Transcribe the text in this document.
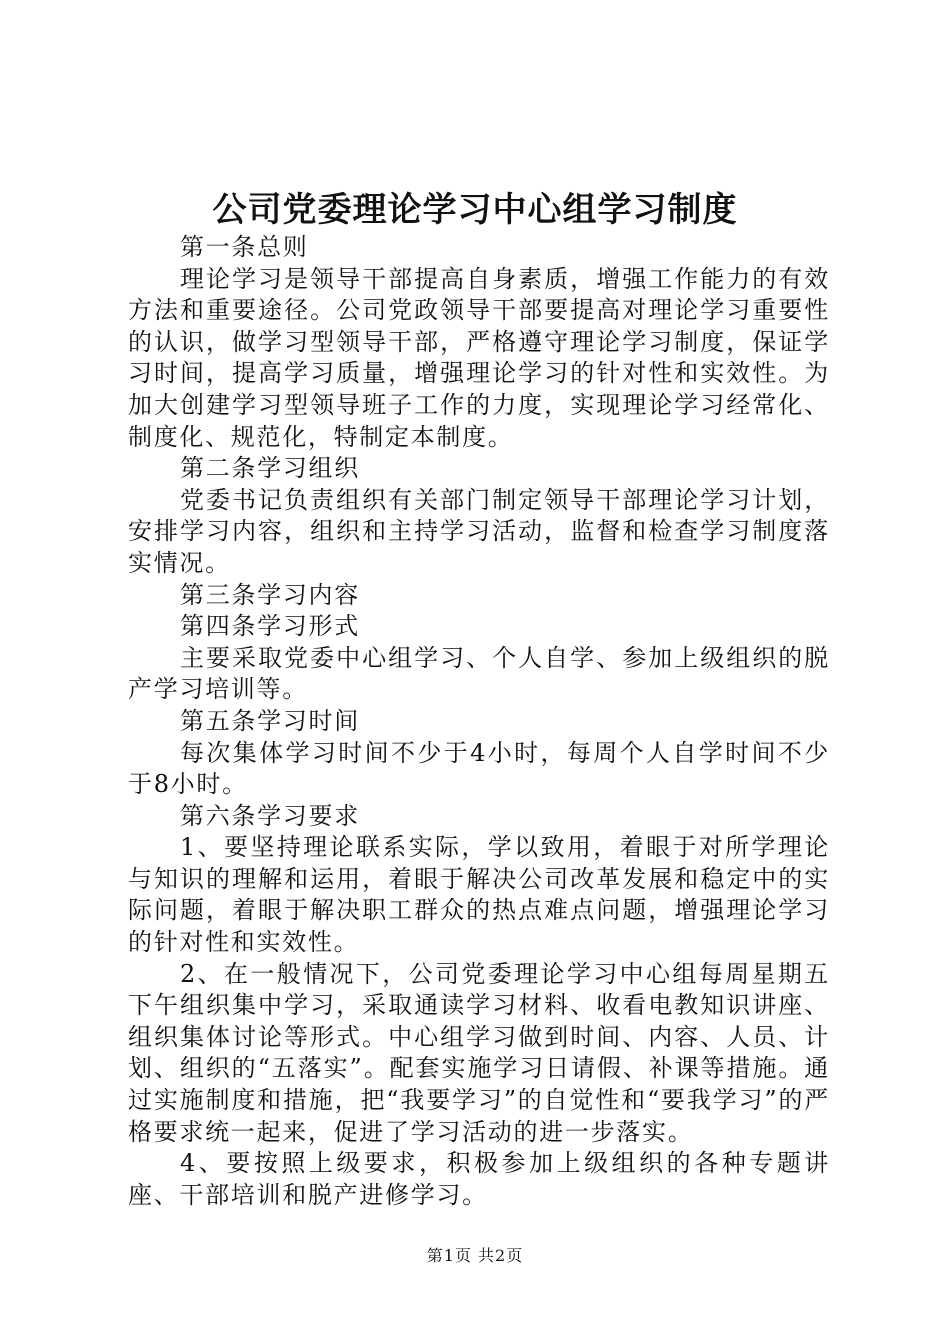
公司党委理论学习中心组学习制度

第一条总则

理论学习是领导干部提高自身素质，增强工作能力的有效方法和重要途径。公司党政领导干部要提高对理论学习重要性的认识，做学习型领导干部，严格遵守理论学习制度，保证学习时间，提高学习质量，增强理论学习的针对性和实效性。为加大创建学习型领导班子工作的力度，实现理论学习经常化、制度化、规范化，特制定本制度。

第二条学习组织

党委书记负责组织有关部门制定领导干部理论学习计划，安排学习内容，组织和主持学习活动，监督和检查学习制度落实情况。

第三条学习内容

第四条学习形式

主要采取党委中心组学习、个人自学、参加上级组织的脱产学习培训等。

第五条学习时间

每次集体学习时间不少于4小时，每周个人自学时间不少于8小时。

第六条学习要求

1、要坚持理论联系实际，学以致用，着眼于对所学理论与知识的理解和运用，着眼于解决公司改革发展和稳定中的实际问题，着眼于解决职工群众的热点难点问题，增强理论学习的针对性和实效性。

2、在一般情况下，公司党委理论学习中心组每周星期五下午组织集中学习，采取通读学习材料、收看电教知识讲座、组织集体讨论等形式。中心组学习做到时间、内容、人员、计划、组织的“五落实”。配套实施学习日请假、补课等措施。通过实施制度和措施，把“我要学习”的自觉性和“要我学习”的严格要求统一起来，促进了学习活动的进一步落实。

4、要按照上级要求，积极参加上级组织的各种专题讲座、干部培训和脱产进修学习。

第1页 共2页
